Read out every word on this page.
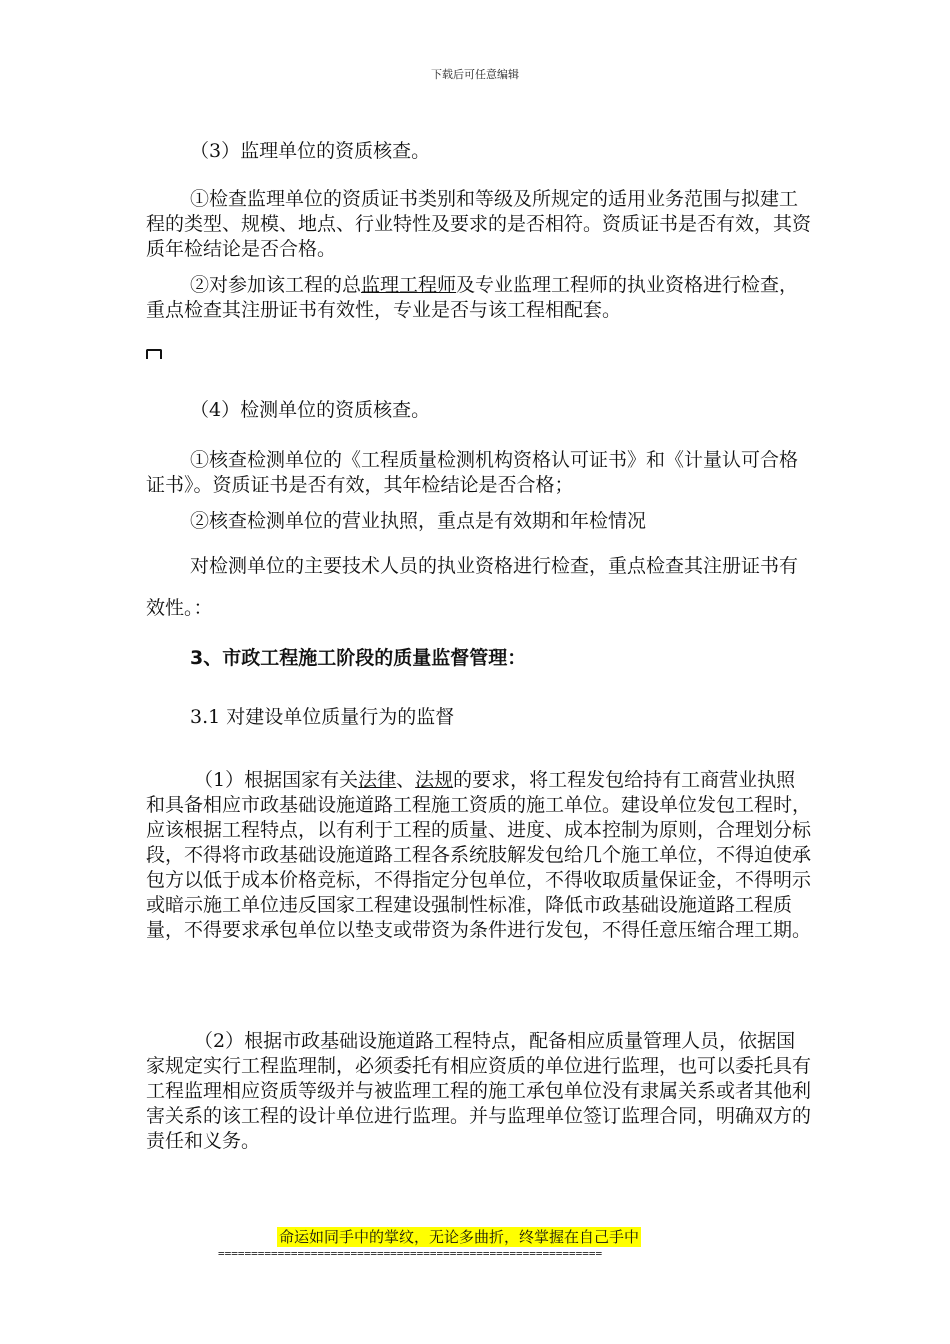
下载后可任意编辑
（3）监理单位的资质核查。
①检查监理单位的资质证书类别和等级及所规定的适用业务范围与拟建工程的类型、规模、地点、行业特性及要求的是否相符。资质证书是否有效，其资质年检结论是否合格。
②对参加该工程的总监理工程师及专业监理工程师的执业资格进行检查，重点检查其注册证书有效性，专业是否与该工程相配套。
（4）检测单位的资质核查。
①核查检测单位的《工程质量检测机构资格认可证书》和《计量认可合格证书》。资质证书是否有效，其年检结论是否合格；
②核查检测单位的营业执照，重点是有效期和年检情况
对检测单位的主要技术人员的执业资格进行检查，重点检查其注册证书有效性。：
3、市政工程施工阶段的质量监督管理：
3.1 对建设单位质量行为的监督
（1）根据国家有关法律、法规的要求，将工程发包给持有工商营业执照和具备相应市政基础设施道路工程施工资质的施工单位。建设单位发包工程时，应该根据工程特点，以有利于工程的质量、进度、成本控制为原则，合理划分标段，不得将市政基础设施道路工程各系统肢解发包给几个施工单位，不得迫使承包方以低于成本价格竞标，不得指定分包单位，不得收取质量保证金，不得明示或暗示施工单位违反国家工程建设强制性标准，降低市政基础设施道路工程质量，不得要求承包单位以垫支或带资为条件进行发包，不得任意压缩合理工期。
（2）根据市政基础设施道路工程特点，配备相应质量管理人员，依据国家规定实行工程监理制，必须委托有相应资质的单位进行监理，也可以委托具有工程监理相应资质等级并与被监理工程的施工承包单位没有隶属关系或者其他利害关系的该工程的设计单位进行监理。并与监理单位签订监理合同，明确双方的责任和义务。
命运如同手中的掌纹，无论多曲折，终掌握在自己手中
==========================================================
